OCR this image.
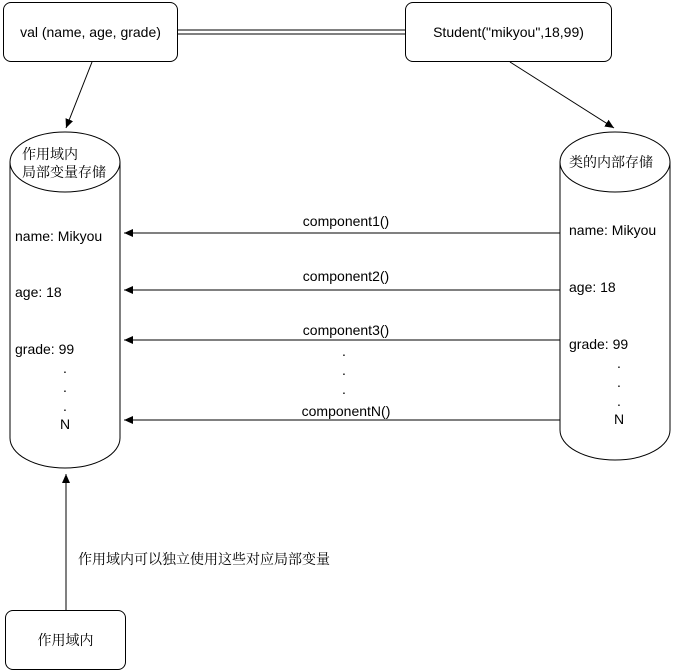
val (name, age, grade)	Student("mikyou",18,99)
作用域内
局部变量存储
name: Mikyou
age: 18
grade: 99
.
.
.
N
类的内部存储
name: Mikyou
age: 18
grade: 99
.
.
.
N
component1()
component2()
component3()
.
.
.
componentN()
作用域内可以独立使用这些对应局部变量
作用域内
